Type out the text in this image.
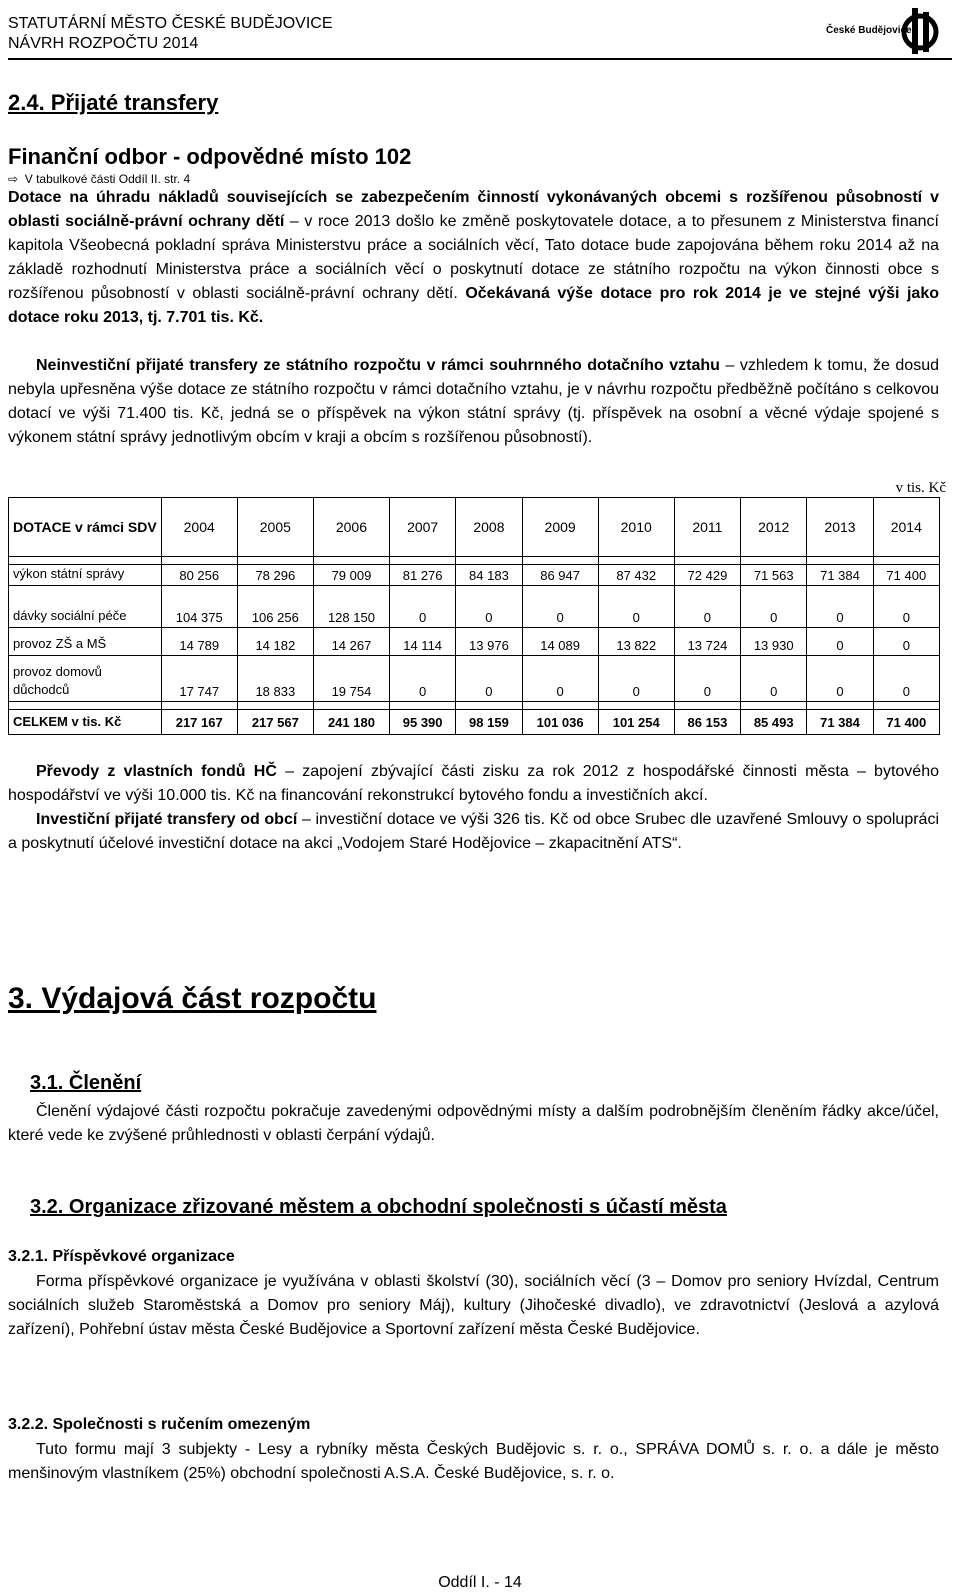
STATUTÁRNÍ MĚSTO ČESKÉ BUDĚJOVICE
NÁVRH ROZPOČTU 2014
České Budějovice
2.4. Přijaté transfery
Finanční odbor - odpovědné místo 102
⇨ V tabulkové části Oddíl II. str. 4
Dotace na úhradu nákladů souvisejících se zabezpečením činností vykonávaných obcemi s rozšířenou působností v oblasti sociálně-právní ochrany dětí – v roce 2013 došlo ke změně poskytovatele dotace, a to přesunem z Ministerstva financí kapitola Všeobecná pokladní správa Ministerstvu práce a sociálních věcí, Tato dotace bude zapojována během roku 2014 až na základě rozhodnutí Ministerstva práce a sociálních věcí o poskytnutí dotace ze státního rozpočtu na výkon činnosti obce s rozšířenou působností v oblasti sociálně-právní ochrany dětí. Očekávaná výše dotace pro rok 2014 je ve stejné výši jako dotace roku 2013, tj. 7.701 tis. Kč.
Neinvestiční přijaté transfery ze státního rozpočtu v rámci souhrnného dotačního vztahu – vzhledem k tomu, že dosud nebyla upřesněna výše dotace ze státního rozpočtu v rámci dotačního vztahu, je v návrhu rozpočtu předběžně počítáno s celkovou dotací ve výši 71.400 tis. Kč, jedná se o příspěvek na výkon státní správy (tj. příspěvek na osobní a věcné výdaje spojené s výkonem státní správy jednotlivým obcím v kraji a obcím s rozšířenou působností).
v tis. Kč
DOTACE v rámci SDV	2004	2005	2006	2007	2008	2009	2010	2011	2012	2013	2014

výkon státní správy	80 256	78 296	79 009	81 276	84 183	86 947	87 432	72 429	71 563	71 384	71 400
dávky sociální péče	104 375	106 256	128 150	0	0	0	0	0	0	0	0
provoz ZŠ a MŠ	14 789	14 182	14 267	14 114	13 976	14 089	13 822	13 724	13 930	0	0
provoz domovů důchodců	17 747	18 833	19 754	0	0	0	0	0	0	0	0

CELKEM v tis. Kč	217 167	217 567	241 180	95 390	98 159	101 036	101 254	86 153	85 493	71 384	71 400
Převody z vlastních fondů HČ – zapojení zbývající části zisku za rok 2012 z hospodářské činnosti města – bytového hospodářství ve výši 10.000 tis. Kč na financování rekonstrukcí bytového fondu a investičních akcí.
Investiční přijaté transfery od obcí – investiční dotace ve výši 326 tis. Kč od obce Srubec dle uzavřené Smlouvy o spolupráci a poskytnutí účelové investiční dotace na akci „Vodojem Staré Hodějovice – zkapacitnění ATS“.
3. Výdajová část rozpočtu
3.1. Členění
Členění výdajové části rozpočtu pokračuje zavedenými odpovědnými místy a dalším podrobnějším členěním řádky akce/účel, které vede ke zvýšené průhlednosti v oblasti čerpání výdajů.
3.2. Organizace zřizované městem a obchodní společnosti s účastí města
3.2.1. Příspěvkové organizace
Forma příspěvkové organizace je využívána v oblasti školství (30), sociálních věcí (3 – Domov pro seniory Hvízdal, Centrum sociálních služeb Staroměstská a Domov pro seniory Máj), kultury (Jihočeské divadlo), ve zdravotnictví (Jeslová a azylová zařízení), Pohřební ústav města České Budějovice a Sportovní zařízení města České Budějovice.
3.2.2. Společnosti s ručením omezeným
Tuto formu mají 3 subjekty - Lesy a rybníky města Českých Budějovic s. r. o., SPRÁVA DOMŮ s. r. o. a dále je město menšinovým vlastníkem (25%) obchodní společnosti A.S.A. České Budějovice, s. r. o.
Oddíl I. - 14
